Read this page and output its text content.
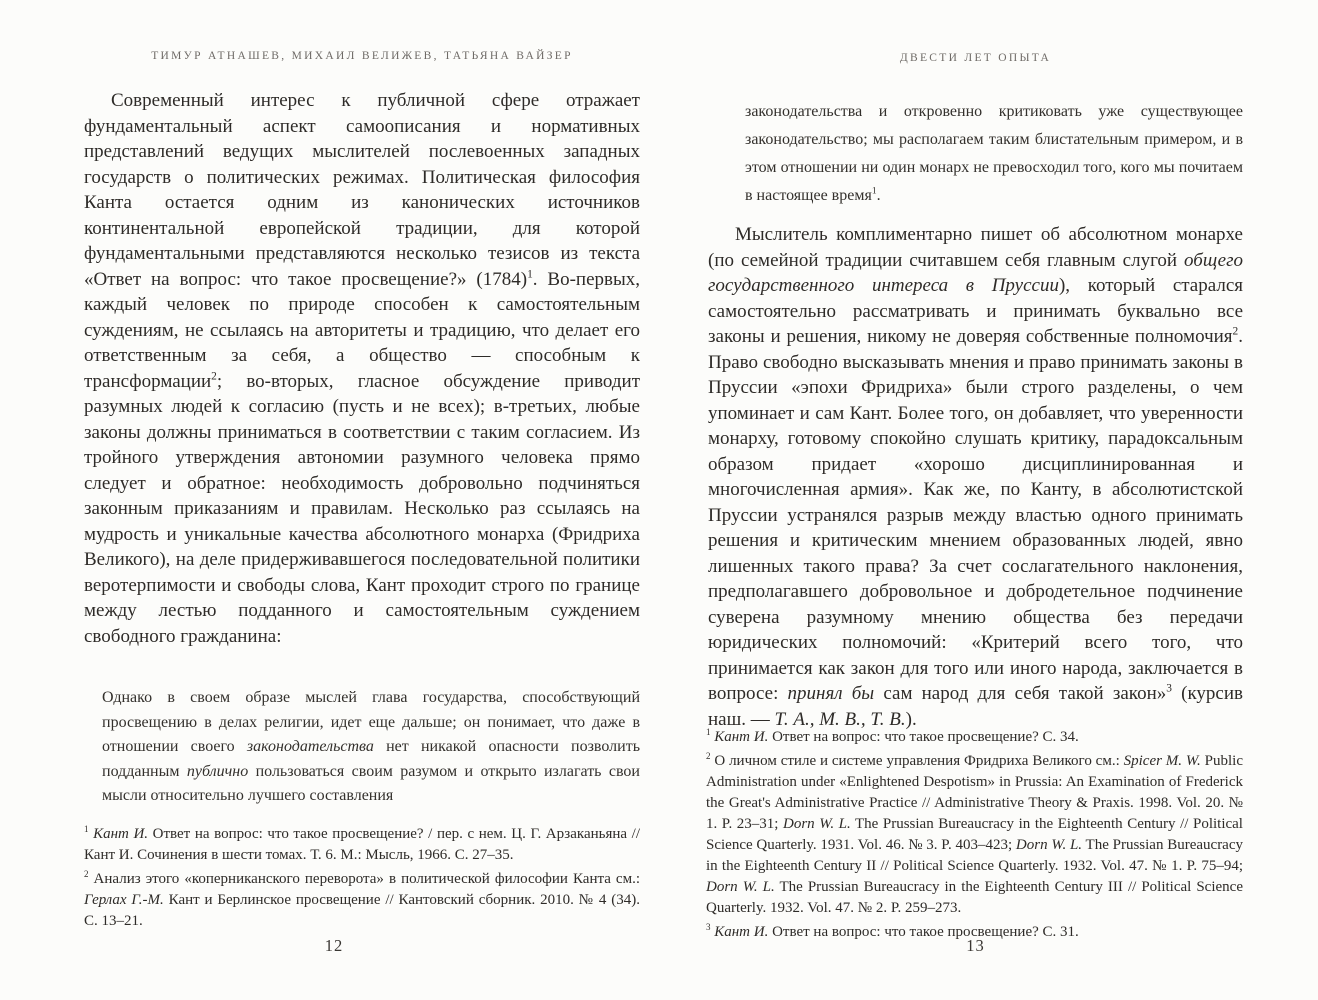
ТИМУР АТНАШЕВ, МИХАИЛ ВЕЛИЖЕВ, ТАТЬЯНА ВАЙЗЕР
Современный интерес к публичной сфере отражает фундаментальный аспект самоописания и нормативных представлений ведущих мыслителей послевоенных западных государств о политических режимах. Политическая философия Канта остается одним из канонических источников континентальной европейской традиции, для которой фундаментальными представляются несколько тезисов из текста «Ответ на вопрос: что такое просвещение?» $(1784)^1$. Во-первых, каждый человек по природе способен к самостоятельным суждениям, не ссылаясь на авторитеты и традицию, что делает его ответственным за себя, а общество — способным к трансформации$^2$; во-вторых, гласное обсуждение приводит разумных людей к согласию (пусть и не всех); в-третьих, любые законы должны приниматься в соответствии с таким согласием. Из тройного утверждения автономии разумного человека прямо следует и обратное: необходимость добровольно подчиняться законным приказаниям и правилам. Несколько раз ссылаясь на мудрость и уникальные качества абсолютного монарха (Фридриха Великого), на деле придерживавшегося последовательной политики веротерпимости и свободы слова, Кант проходит строго по границе между лестью подданного и самостоятельным суждением свободного гражданина:
Однако в своем образе мыслей глава государства, способствующий просвещению в делах религии, идет еще дальше; он понимает, что даже в отношении своего законодательства нет никакой опасности позволить подданным публично пользоваться своим разумом и открыто излагать свои мысли относительно лучшего составления

$^1$ Кант И. Ответ на вопрос: что такое просвещение? / пер. с нем. Ц. Г. Арзаканьяна // Кант И. Сочинения в шести томах. Т. 6. М.: Мысль, 1966. С. 27–35.

$^2$ Анализ этого «коперниканского переворота» в политической философии Канта см.: Герлах Г.-М. Кант и Берлинское просвещение // Кантовский сборник. 2010. № 4 (34). С. 13–21.

12
ДВЕСТИ ЛЕТ ОПЫТА
законодательства и откровенно критиковать уже существующее законодательство; мы располагаем таким блистательным примером, и в этом отношении ни один монарх не превосходил того, кого мы почитаем в настоящее время$^1$.
Мыслитель комплиментарно пишет об абсолютном монархе (по семейной традиции считавшем себя главным слугой общего государственного интереса в Пруссии), который старался самостоятельно рассматривать и принимать буквально все законы и решения, никому не доверяя собственные полномочия$^2$. Право свободно высказывать мнения и право принимать законы в Пруссии «эпохи Фридриха» были строго разделены, о чем упоминает и сам Кант. Более того, он добавляет, что уверенности монарху, готовому спокойно слушать критику, парадоксальным образом придает «хорошо дисциплинированная и многочисленная армия». Как же, по Канту, в абсолютистской Пруссии устранялся разрыв между властью одного принимать решения и критическим мнением образованных людей, явно лишенных такого права? За счет сослагательного наклонения, предполагавшего добровольное и добродетельное подчинение суверена разумному мнению общества без передачи юридических полномочий: «Критерий всего того, что принимается как закон для того или иного народа, заключается в вопросе: принял бы сам народ для себя такой закон»$^3$ (курсив наш. — Т. А., М. В., Т. В.).

$^1$ Кант И. Ответ на вопрос: что такое просвещение? С. 34.

$^2$ О личном стиле и системе управления Фридриха Великого см.: Spicer M. W. Public Administration under «Enlightened Despotism» in Prussia: An Examination of Frederick the Great's Administrative Practice // Administrative Theory & Praxis. 1998. Vol. 20. № 1. P. 23–31; Dorn W. L. The Prussian Bureaucracy in the Eighteenth Century // Political Science Quarterly. 1931. Vol. 46. № 3. P. 403–423; Dorn W. L. The Prussian Bureaucracy in the Eighteenth Century II // Political Science Quarterly. 1932. Vol. 47. № 1. P. 75–94; Dorn W. L. The Prussian Bureaucracy in the Eighteenth Century III // Political Science Quarterly. 1932. Vol. 47. № 2. P. 259–273.

$^3$ Кант И. Ответ на вопрос: что такое просвещение? С. 31.

13
